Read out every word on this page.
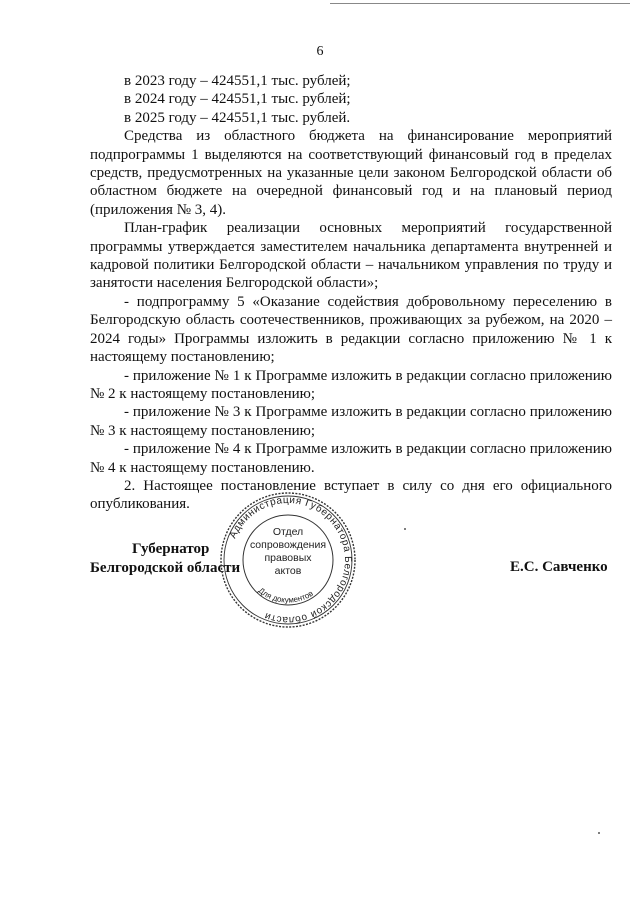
6

в 2023 году – 424551,1 тыс. рублей;

в 2024 году – 424551,1 тыс. рублей;

в 2025 году – 424551,1 тыс. рублей.

Средства из областного бюджета на финансирование мероприятий подпрограммы 1 выделяются на соответствующий финансовый год в пределах средств, предусмотренных на указанные цели законом Белгородской области об областном бюджете на очередной финансовый год и на плановый период (приложения № 3, 4).

План-график реализации основных мероприятий государственной программы утверждается заместителем начальника департамента внутренней и кадровой политики Белгородской области – начальником управления по труду и занятости населения Белгородской области»;

- подпрограмму 5 «Оказание содействия добровольному переселению в Белгородскую область соотечественников, проживающих за рубежом, на 2020 – 2024 годы» Программы изложить в редакции согласно приложению № 1 к настоящему постановлению;

- приложение № 1 к Программе изложить в редакции согласно приложению № 2 к настоящему постановлению;

- приложение № 3 к Программе изложить в редакции согласно приложению № 3 к настоящему постановлению;

- приложение № 4 к Программе изложить в редакции согласно приложению № 4 к настоящему постановлению.

2. Настоящее постановление вступает в силу со дня его официального опубликования.

Губернатор
Белгородской области
Администрация Губернатора Белгородской области
Для документов
Отдел
сопровождения
правовых
актов	Е.С. Савченко
